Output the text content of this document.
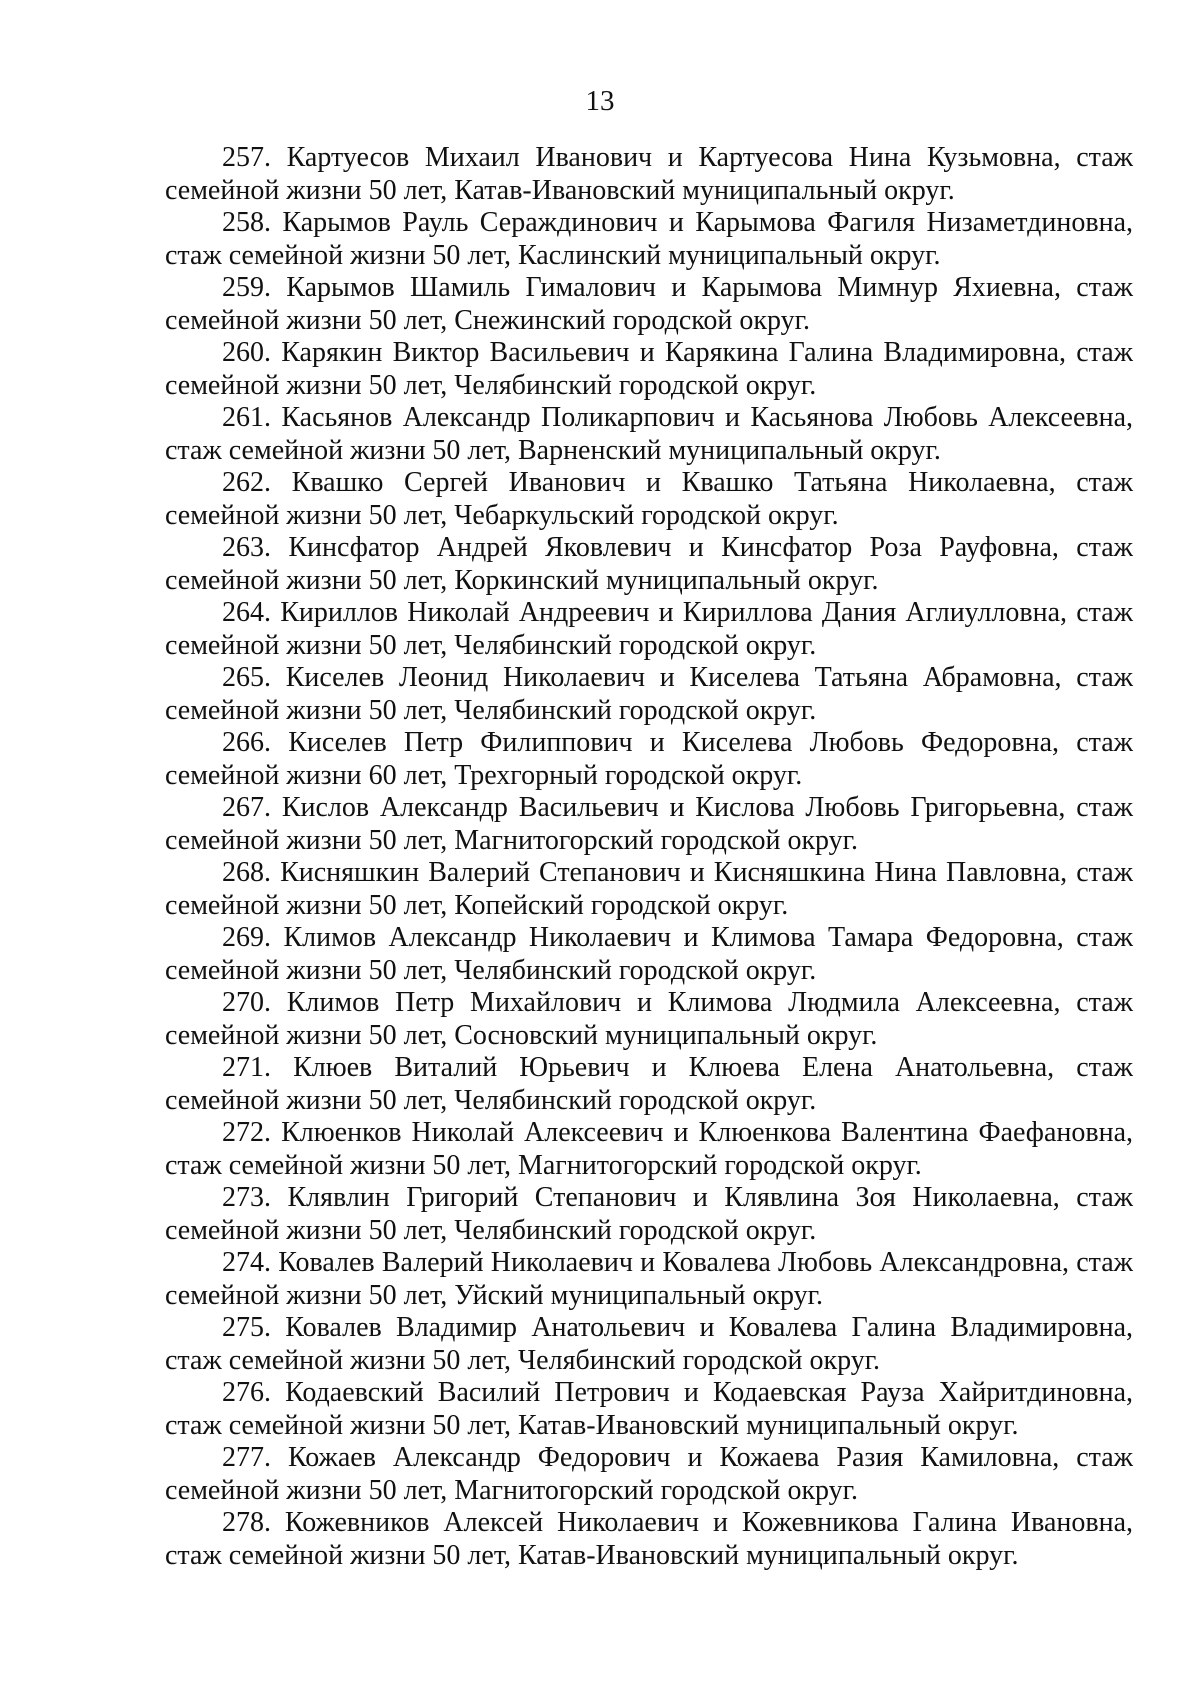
13

257. Картуесов Михаил Иванович и Картуесова Нина Кузьмовна, стаж семейной жизни 50 лет, Катав-Ивановский муниципальный округ.

258. Карымов Рауль Сераждинович и Карымова Фагиля Низаметдиновна, стаж семейной жизни 50 лет, Каслинский муниципальный округ.

259. Карымов Шамиль Гималович и Карымова Мимнур Яхиевна, стаж семейной жизни 50 лет, Снежинский городской округ.

260. Карякин Виктор Васильевич и Карякина Галина Владимировна, стаж семейной жизни 50 лет, Челябинский городской округ.

261. Касьянов Александр Поликарпович и Касьянова Любовь Алексеевна, стаж семейной жизни 50 лет, Варненский муниципальный округ.

262. Квашко Сергей Иванович и Квашко Татьяна Николаевна, стаж семейной жизни 50 лет, Чебаркульский городской округ.

263. Кинсфатор Андрей Яковлевич и Кинсфатор Роза Рауфовна, стаж семейной жизни 50 лет, Коркинский муниципальный округ.

264. Кириллов Николай Андреевич и Кириллова Дания Аглиулловна, стаж семейной жизни 50 лет, Челябинский городской округ.

265. Киселев Леонид Николаевич и Киселева Татьяна Абрамовна, стаж семейной жизни 50 лет, Челябинский городской округ.

266. Киселев Петр Филиппович и Киселева Любовь Федоровна, стаж семейной жизни 60 лет, Трехгорный городской округ.

267. Кислов Александр Васильевич и Кислова Любовь Григорьевна, стаж семейной жизни 50 лет, Магнитогорский городской округ.

268. Кисняшкин Валерий Степанович и Кисняшкина Нина Павловна, стаж семейной жизни 50 лет, Копейский городской округ.

269. Климов Александр Николаевич и Климова Тамара Федоровна, стаж семейной жизни 50 лет, Челябинский городской округ.

270. Климов Петр Михайлович и Климова Людмила Алексеевна, стаж семейной жизни 50 лет, Сосновский муниципальный округ.

271. Клюев Виталий Юрьевич и Клюева Елена Анатольевна, стаж семейной жизни 50 лет, Челябинский городской округ.

272. Клюенков Николай Алексеевич и Клюенкова Валентина Фаефановна, стаж семейной жизни 50 лет, Магнитогорский городской округ.

273. Клявлин Григорий Степанович и Клявлина Зоя Николаевна, стаж семейной жизни 50 лет, Челябинский городской округ.

274. Ковалев Валерий Николаевич и Ковалева Любовь Александровна, стаж семейной жизни 50 лет, Уйский муниципальный округ.

275. Ковалев Владимир Анатольевич и Ковалева Галина Владимировна, стаж семейной жизни 50 лет, Челябинский городской округ.

276. Кодаевский Василий Петрович и Кодаевская Рауза Хайритдиновна, стаж семейной жизни 50 лет, Катав-Ивановский муниципальный округ.

277. Кожаев Александр Федорович и Кожаева Разия Камиловна, стаж семейной жизни 50 лет, Магнитогорский городской округ.

278. Кожевников Алексей Николаевич и Кожевникова Галина Ивановна, стаж семейной жизни 50 лет, Катав-Ивановский муниципальный округ.
